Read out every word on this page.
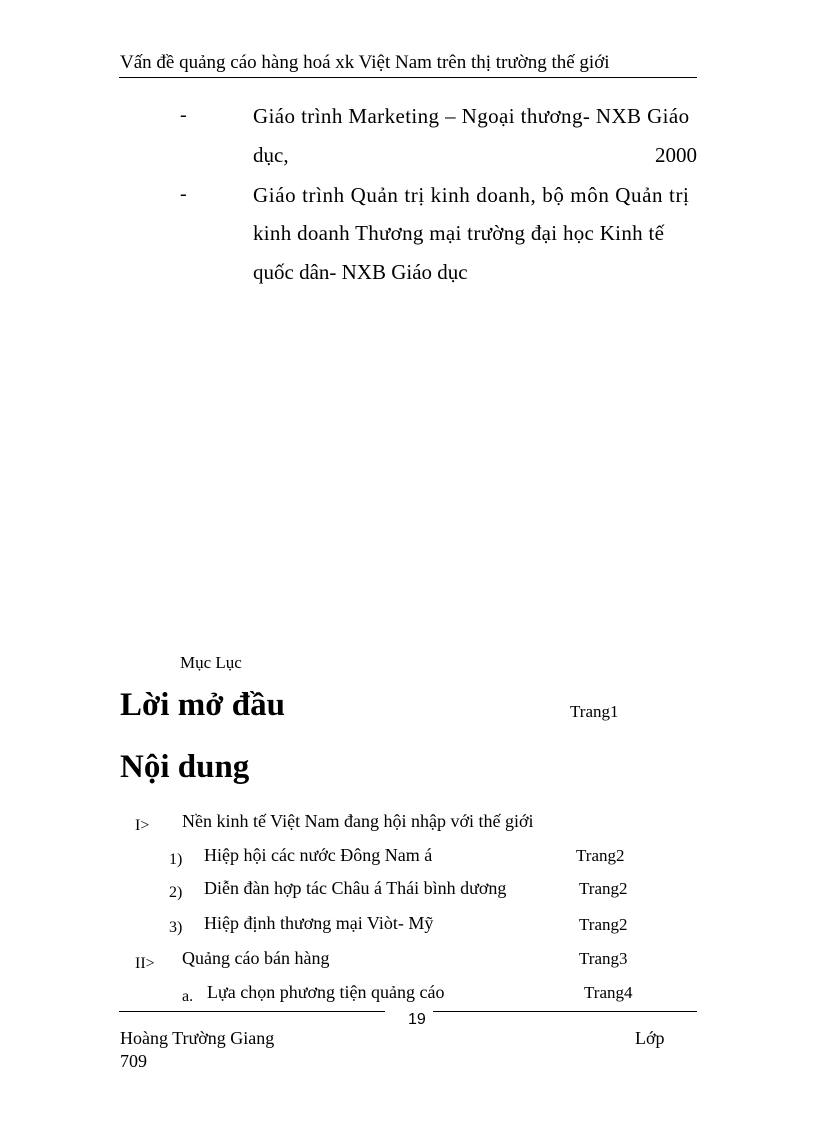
Vấn đề quảng cáo hàng hoá xk Việt Nam trên thị trường thế giới
-	Giáo trình Marketing – Ngoại thương- NXB Giáo
dục,	2000
-	Giáo trình Quản trị kinh doanh, bộ môn Quản trị
kinh doanh Thương mại trường đại học Kinh tế
quốc dân- NXB Giáo dục
Mục Lục
Lời mở đầu	Trang1
Nội dung
I> Nền kinh tế Việt Nam đang hội nhập với thế giới
1) Hiệp hội các nước Đông Nam á	Trang2
2) Diễn đàn hợp tác Châu á Thái bình dương	Trang2
3) Hiệp định thương mại Viòt- Mỹ	Trang2
II> Quảng cáo bán hàng	Trang3
a. Lựa chọn phương tiện quảng cáo	Trang4
19
Hoàng Trường Giang	Lớp
709
